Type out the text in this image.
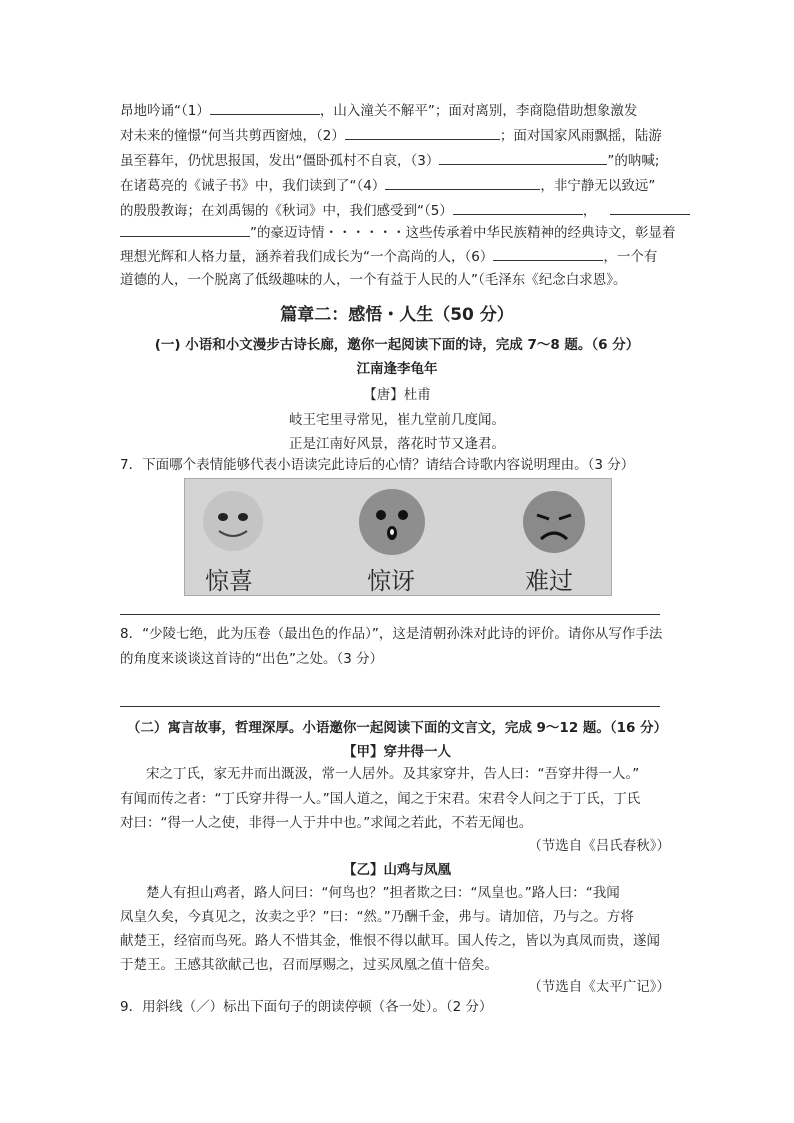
昂地吟诵“（1）	，山入潼关不解平”；面对离别，李商隐借助想象激发
对未来的憧憬“何当共剪西窗烛，（2）	；面对国家风雨飘摇，陆游
虽至暮年，仍忧思报国，发出“僵卧孤村不自哀，（3）	”的呐喊;
在诸葛亮的《诫子书》中，我们读到了“（4）	，非宁静无以致远”
的殷殷教诲；在刘禹锡的《秋词》中，我们感受到“（5）	，
”的豪迈诗情・・・・・・这些传承着中华民族精神的经典诗文，彰显着
理想光辉和人格力量，涵养着我们成长为“一个高尚的人，（6）	，一个有
道德的人，一个脱离了低级趣味的人，一个有益于人民的人”（毛泽东《纪念白求恩》。
篇章二：感悟・人生（50 分）
(一) 小语和小文漫步古诗长廊，邀你一起阅读下面的诗，完成 7～8 题。（6 分）
江南逢李龟年
【唐】杜甫
岐王宅里寻常见，崔九堂前几度闻。
正是江南好风景，落花时节又逢君。
7．下面哪个表情能够代表小语读完此诗后的心情？请结合诗歌内容说明理由。（3 分）
惊喜	惊讶	难过
8．“少陵七绝，此为压卷（最出色的作品）”，这是清朝孙洙对此诗的评价。请你从写作手法
的角度来谈谈这首诗的“出色”之处。（3 分）
（二）寓言故事，哲理深厚。小语邀你一起阅读下面的文言文，完成 9～12 题。（16 分）
【甲】穿井得一人
宋之丁氏，家无井而出溉汲，常一人居外。及其家穿井，告人曰：“吾穿井得一人。”
有闻而传之者：“丁氏穿井得一人。”国人道之，闻之于宋君。宋君令人问之于丁氏，丁氏
对曰：“得一人之使，非得一人于井中也。”求闻之若此，不若无闻也。
（节选自《吕氏春秋》）
【乙】山鸡与凤凰
楚人有担山鸡者，路人问曰：“何鸟也？”担者欺之曰：“凤皇也。”路人曰：“我闻
凤皇久矣，今真见之，汝卖之乎？”曰：“然。”乃酬千金，弗与。请加倍，乃与之。方将
献楚王，经宿而鸟死。路人不惜其金，惟恨不得以献耳。国人传之，皆以为真凤而贵，遂闻
于楚王。王感其欲献己也，召而厚赐之，过买凤凰之值十倍矣。
（节选自《太平广记》）
9．用斜线（／）标出下面句子的朗读停顿（各一处）。（2 分）
